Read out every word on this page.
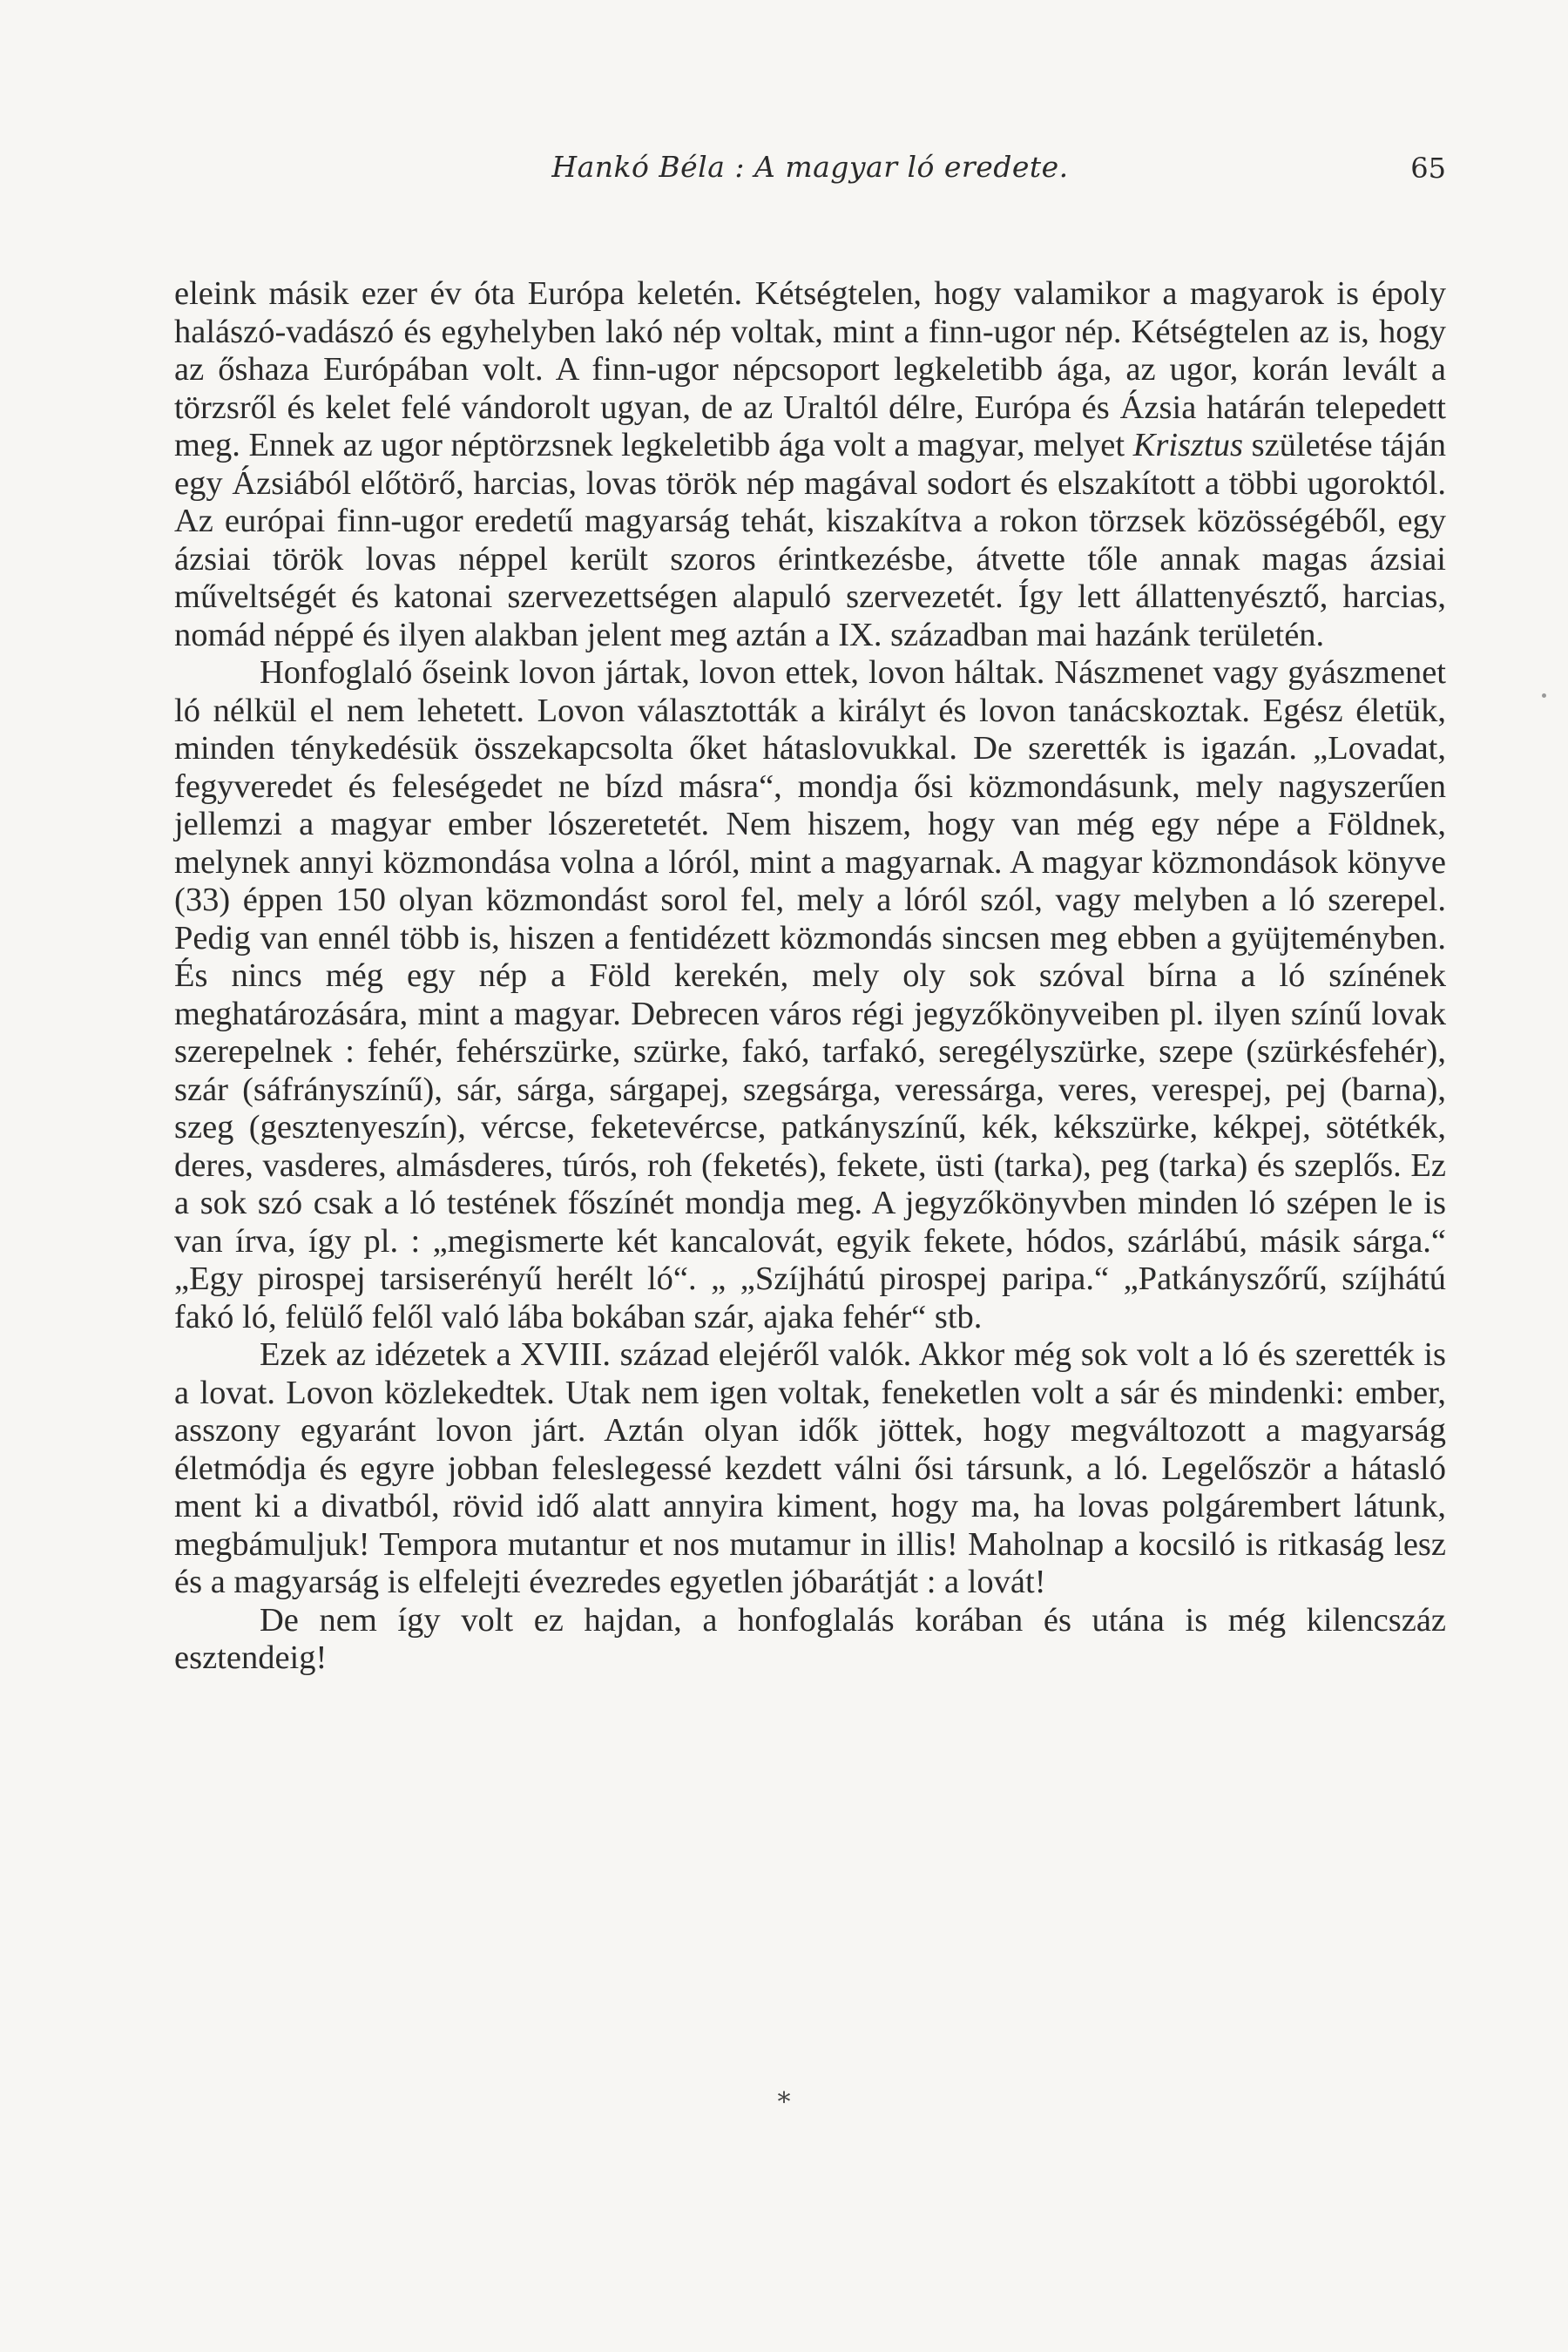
Hankó Béla : A magyar ló eredete.	65

eleink másik ezer év óta Európa keletén. Kétségtelen, hogy valamikor a magyarok is époly halászó-vadászó és egyhelyben lakó nép voltak, mint a finn-ugor nép. Kétségtelen az is, hogy az őshaza Európában volt. A finn-ugor népcsoport legkeletibb ága, az ugor, korán levált a törzsről és kelet felé vándorolt ugyan, de az Uraltól délre, Európa és Ázsia határán telepedett meg. Ennek az ugor néptörzsnek legkeletibb ága volt a magyar, melyet Krisztus születése táján egy Ázsiából előtörő, harcias, lovas török nép magával sodort és elszakított a többi ugoroktól. Az európai finn-ugor eredetű magyarság tehát, kiszakítva a rokon törzsek közösségéből, egy ázsiai török lovas néppel került szoros érintkezésbe, átvette tőle annak magas ázsiai műveltségét és katonai szervezettségen alapuló szervezetét. Így lett állattenyésztő, harcias, nomád néppé és ilyen alakban jelent meg aztán a IX. században mai hazánk területén.

Honfoglaló őseink lovon jártak, lovon ettek, lovon háltak. Nászmenet vagy gyászmenet ló nélkül el nem lehetett. Lovon választották a királyt és lovon tanácskoztak. Egész életük, minden ténykedésük összekapcsolta őket hátaslovukkal. De szerették is igazán. „Lovadat, fegyveredet és feleségedet ne bízd másra“, mondja ősi közmondásunk, mely nagyszerűen jellemzi a magyar ember lószeretetét. Nem hiszem, hogy van még egy népe a Földnek, melynek annyi közmondása volna a lóról, mint a magyarnak. A magyar közmondások könyve (33) éppen 150 olyan közmondást sorol fel, mely a lóról szól, vagy melyben a ló szerepel. Pedig van ennél több is, hiszen a fentidézett közmondás sincsen meg ebben a gyüjteményben. És nincs még egy nép a Föld kerekén, mely oly sok szóval bírna a ló színének meghatározására, mint a magyar. Debrecen város régi jegyzőkönyveiben pl. ilyen színű lovak szerepelnek : fehér, fehérszürke, szürke, fakó, tarfakó, seregélyszürke, szepe (szürkésfehér), szár (sáfrányszínű), sár, sárga, sárgapej, szegsárga, veressárga, veres, verespej, pej (barna), szeg (gesztenyeszín), vércse, feketevércse, patkányszínű, kék, kékszürke, kékpej, sötétkék, deres, vasderes, almásderes, túrós, roh (feketés), fekete, üsti (tarka), peg (tarka) és szeplős. Ez a sok szó csak a ló testének főszínét mondja meg. A jegyzőkönyvben minden ló szépen le is van írva, így pl. : „megismerte két kancalovát, egyik fekete, hódos, szárlábú, másik sárga.“ „Egy pirospej tarsiserényű herélt ló“. „ „Szíjhátú pirospej paripa.“ „Patkányszőrű, szíjhátú fakó ló, felülő felől való lába bokában szár, ajaka fehér“ stb.

Ezek az idézetek a XVIII. század elejéről valók. Akkor még sok volt a ló és szerették is a lovat. Lovon közlekedtek. Utak nem igen voltak, feneketlen volt a sár és mindenki: ember, asszony egyaránt lovon járt. Aztán olyan idők jöttek, hogy megváltozott a magyarság életmódja és egyre jobban feleslegessé kezdett válni ősi társunk, a ló. Legelőször a hátasló ment ki a divatból, rövid idő alatt annyira kiment, hogy ma, ha lovas polgárembert látunk, megbámuljuk! Tempora mutantur et nos mutamur in illis! Maholnap a kocsiló is ritkaság lesz és a magyarság is elfelejti évezredes egyetlen jóbarátját : a lovát!

De nem így volt ez hajdan, a honfoglalás korában és utána is még kilencszáz esztendeig!

*
